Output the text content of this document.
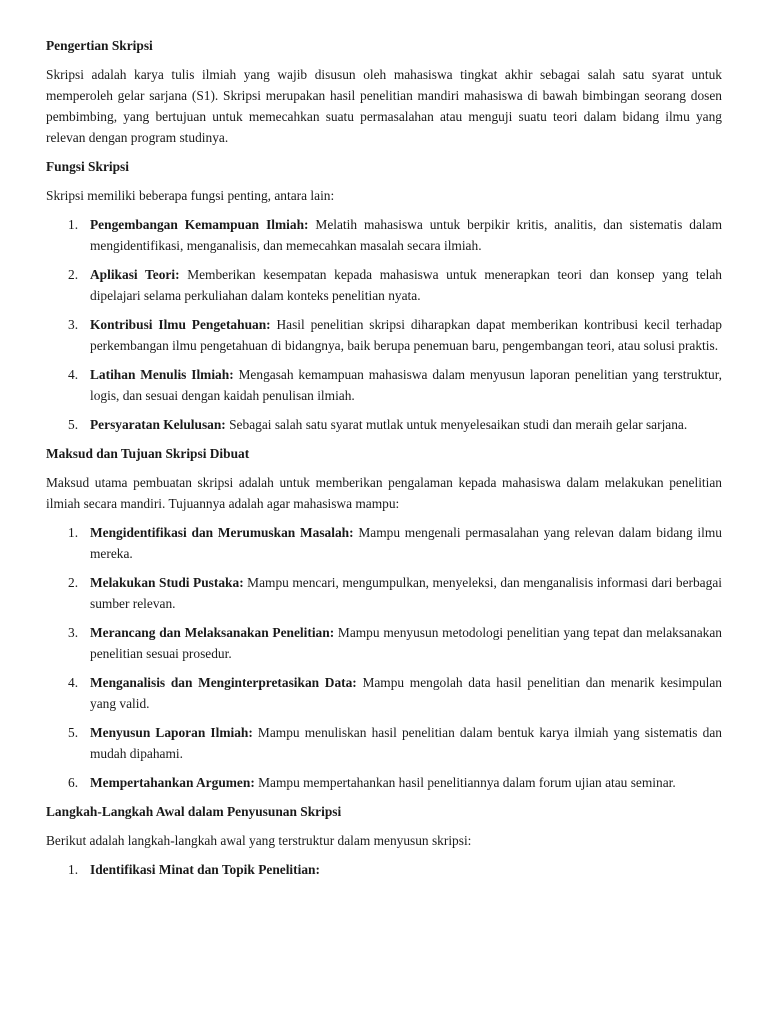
Pengertian Skripsi

Skripsi adalah karya tulis ilmiah yang wajib disusun oleh mahasiswa tingkat akhir sebagai salah satu syarat untuk memperoleh gelar sarjana (S1). Skripsi merupakan hasil penelitian mandiri mahasiswa di bawah bimbingan seorang dosen pembimbing, yang bertujuan untuk memecahkan suatu permasalahan atau menguji suatu teori dalam bidang ilmu yang relevan dengan program studinya.

Fungsi Skripsi

Skripsi memiliki beberapa fungsi penting, antara lain:

1. Pengembangan Kemampuan Ilmiah: Melatih mahasiswa untuk berpikir kritis, analitis, dan sistematis dalam mengidentifikasi, menganalisis, dan memecahkan masalah secara ilmiah.
2. Aplikasi Teori: Memberikan kesempatan kepada mahasiswa untuk menerapkan teori dan konsep yang telah dipelajari selama perkuliahan dalam konteks penelitian nyata.
3. Kontribusi Ilmu Pengetahuan: Hasil penelitian skripsi diharapkan dapat memberikan kontribusi kecil terhadap perkembangan ilmu pengetahuan di bidangnya, baik berupa penemuan baru, pengembangan teori, atau solusi praktis.
4. Latihan Menulis Ilmiah: Mengasah kemampuan mahasiswa dalam menyusun laporan penelitian yang terstruktur, logis, dan sesuai dengan kaidah penulisan ilmiah.
5. Persyaratan Kelulusan: Sebagai salah satu syarat mutlak untuk menyelesaikan studi dan meraih gelar sarjana.
Maksud dan Tujuan Skripsi Dibuat

Maksud utama pembuatan skripsi adalah untuk memberikan pengalaman kepada mahasiswa dalam melakukan penelitian ilmiah secara mandiri. Tujuannya adalah agar mahasiswa mampu:

1. Mengidentifikasi dan Merumuskan Masalah: Mampu mengenali permasalahan yang relevan dalam bidang ilmu mereka.
2. Melakukan Studi Pustaka: Mampu mencari, mengumpulkan, menyeleksi, dan menganalisis informasi dari berbagai sumber relevan.
3. Merancang dan Melaksanakan Penelitian: Mampu menyusun metodologi penelitian yang tepat dan melaksanakan penelitian sesuai prosedur.
4. Menganalisis dan Menginterpretasikan Data: Mampu mengolah data hasil penelitian dan menarik kesimpulan yang valid.
5. Menyusun Laporan Ilmiah: Mampu menuliskan hasil penelitian dalam bentuk karya ilmiah yang sistematis dan mudah dipahami.
6. Mempertahankan Argumen: Mampu mempertahankan hasil penelitiannya dalam forum ujian atau seminar.
Langkah-Langkah Awal dalam Penyusunan Skripsi

Berikut adalah langkah-langkah awal yang terstruktur dalam menyusun skripsi:

1. Identifikasi Minat dan Topik Penelitian:
